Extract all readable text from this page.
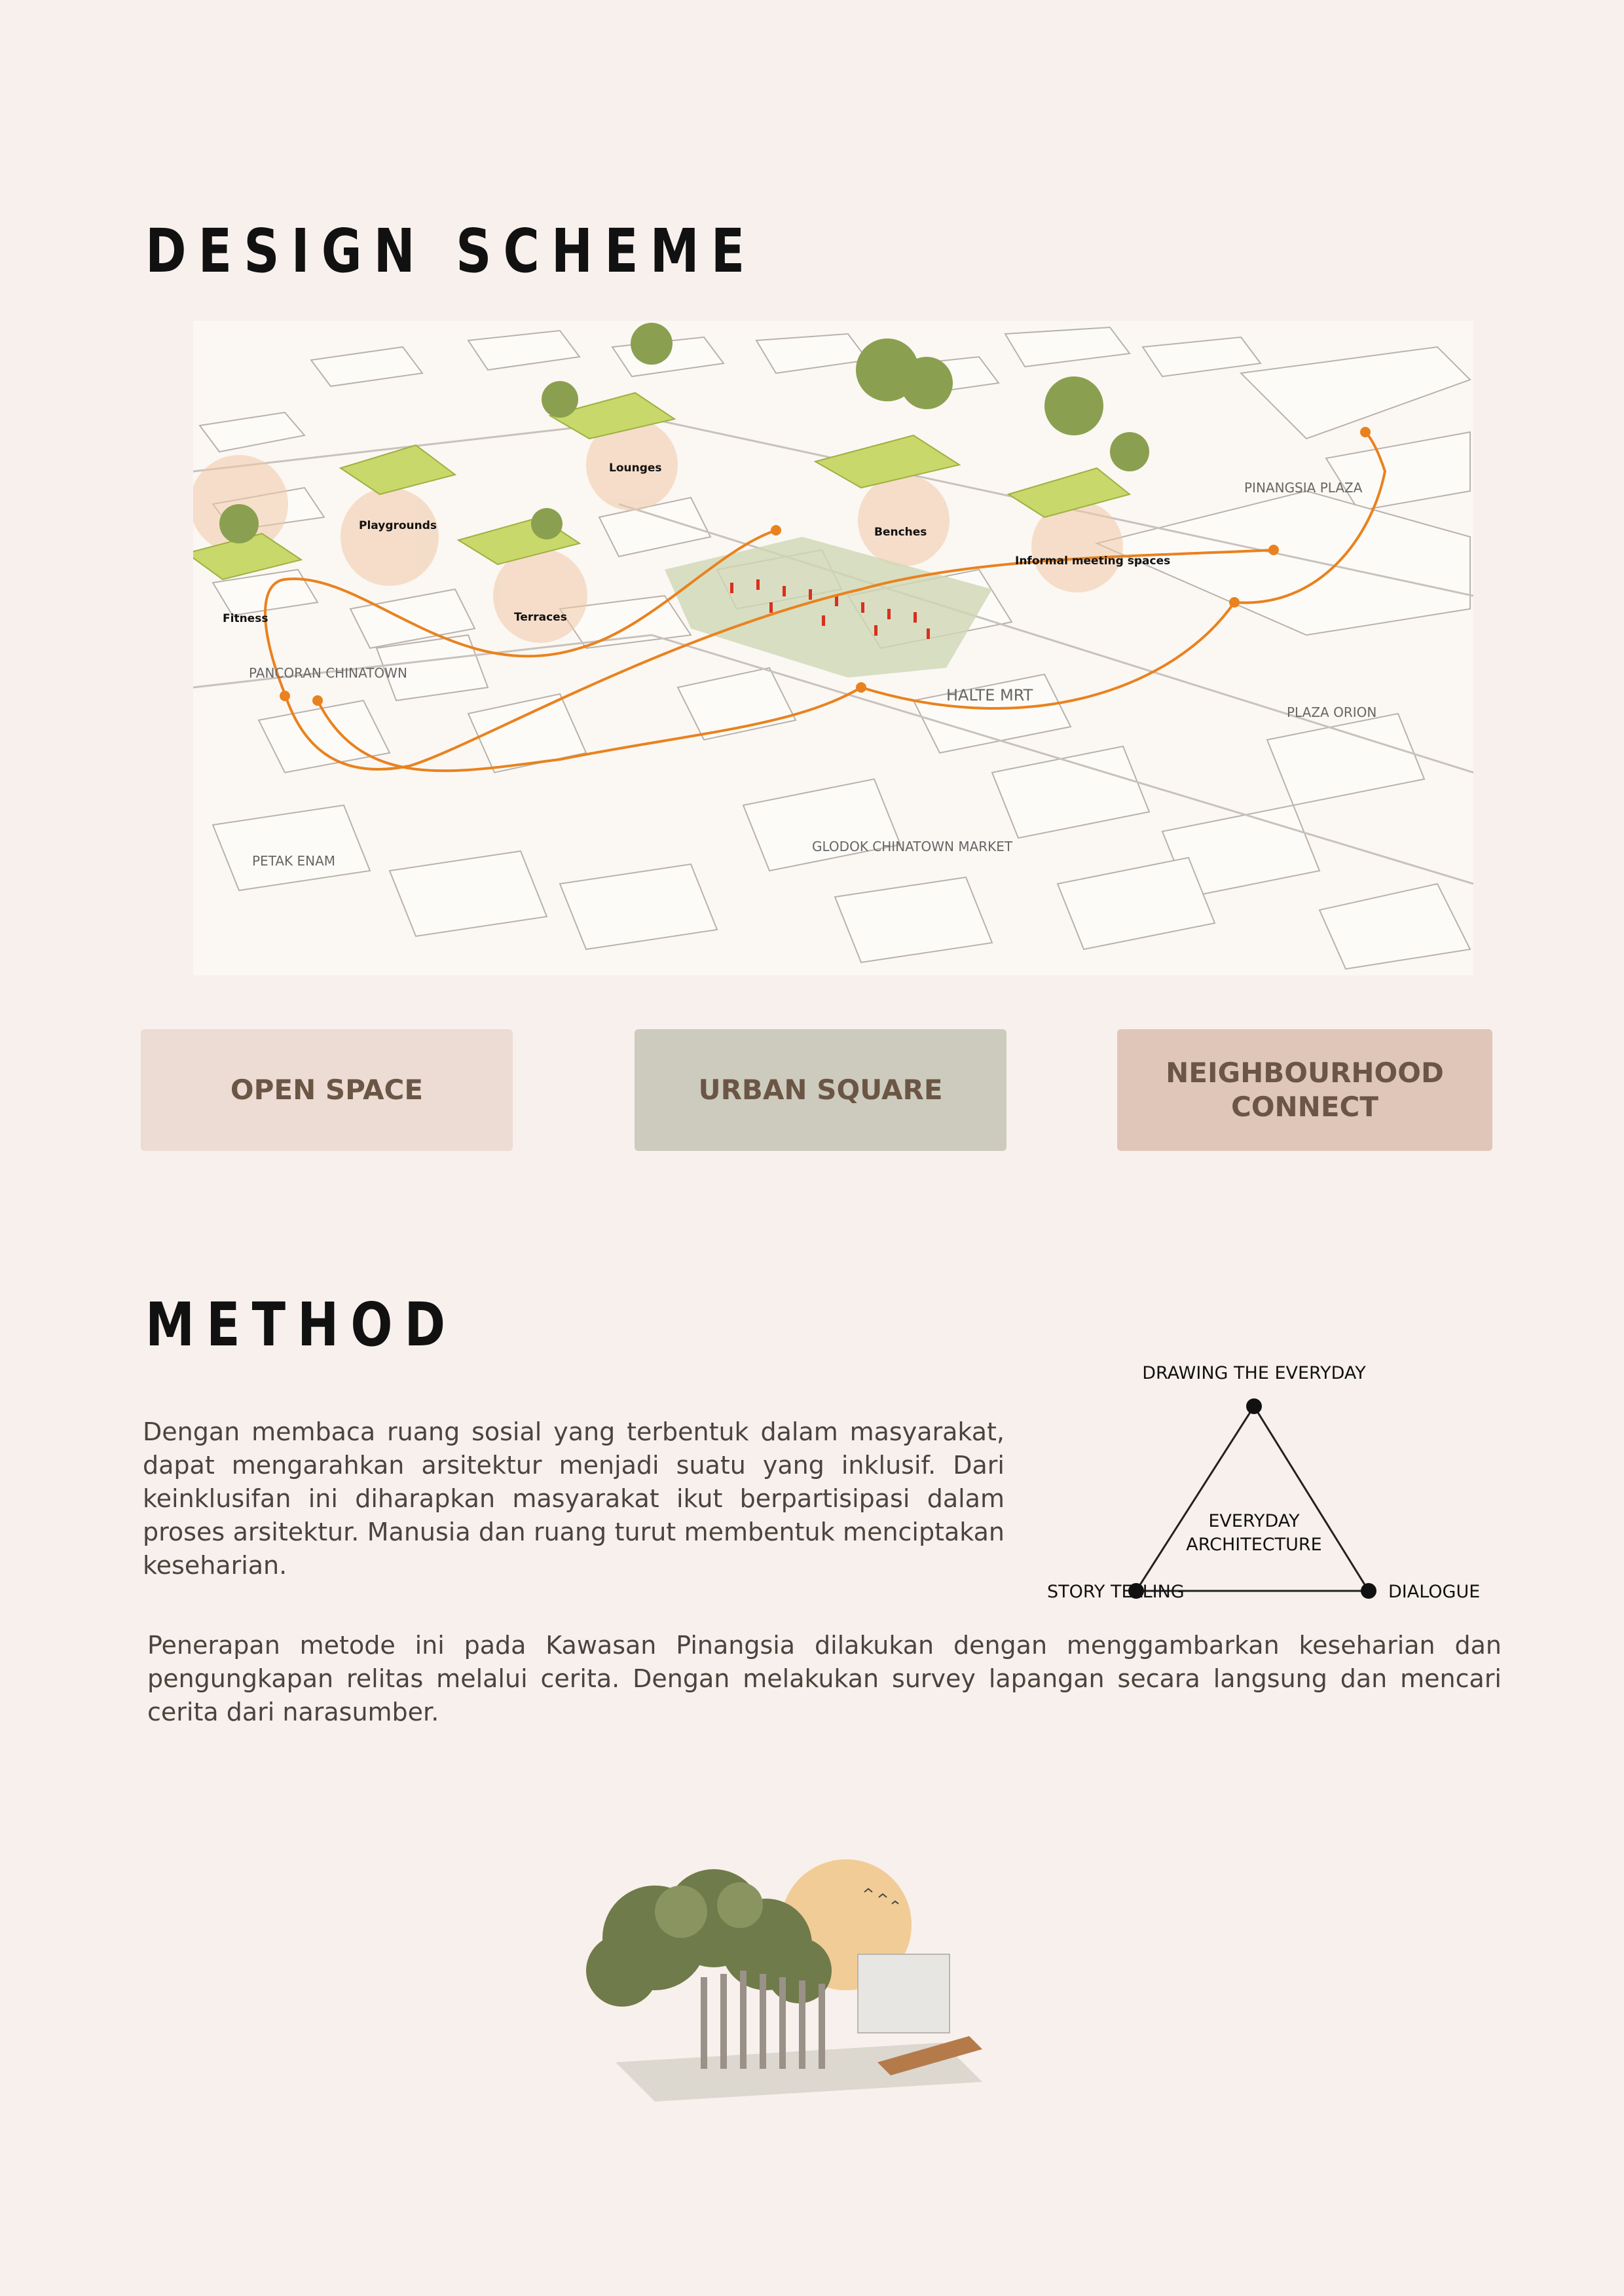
DESIGN SCHEME
Fitness
Playgrounds
Lounges
Terraces
Benches
Informal meeting spaces
PINANGSIA PLAZA
PANCORAN CHINATOWN
HALTE MRT
PLAZA ORION
PETAK ENAM
GLODOK CHINATOWN MARKET
OPEN SPACE	URBAN SQUARE
NEIGHBOURHOOD
CONNECT
METHOD

Dengan membaca ruang sosial yang terbentuk dalam masyarakat, dapat mengarahkan arsitektur menjadi suatu yang inklusif. Dari keinklusifan ini diharapkan masyarakat ikut berpartisipasi dalam proses arsitektur. Manusia dan ruang turut membentuk menciptakan keseharian.

DRAWING THE EVERYDAY
STORY TELLING	DIALOGUE
EVERYDAY
ARCHITECTURE

Penerapan metode ini pada Kawasan Pinangsia dilakukan dengan menggambarkan keseharian dan pengungkapan relitas melalui cerita. Dengan melakukan survey lapangan secara langsung dan mencari cerita dari narasumber.
